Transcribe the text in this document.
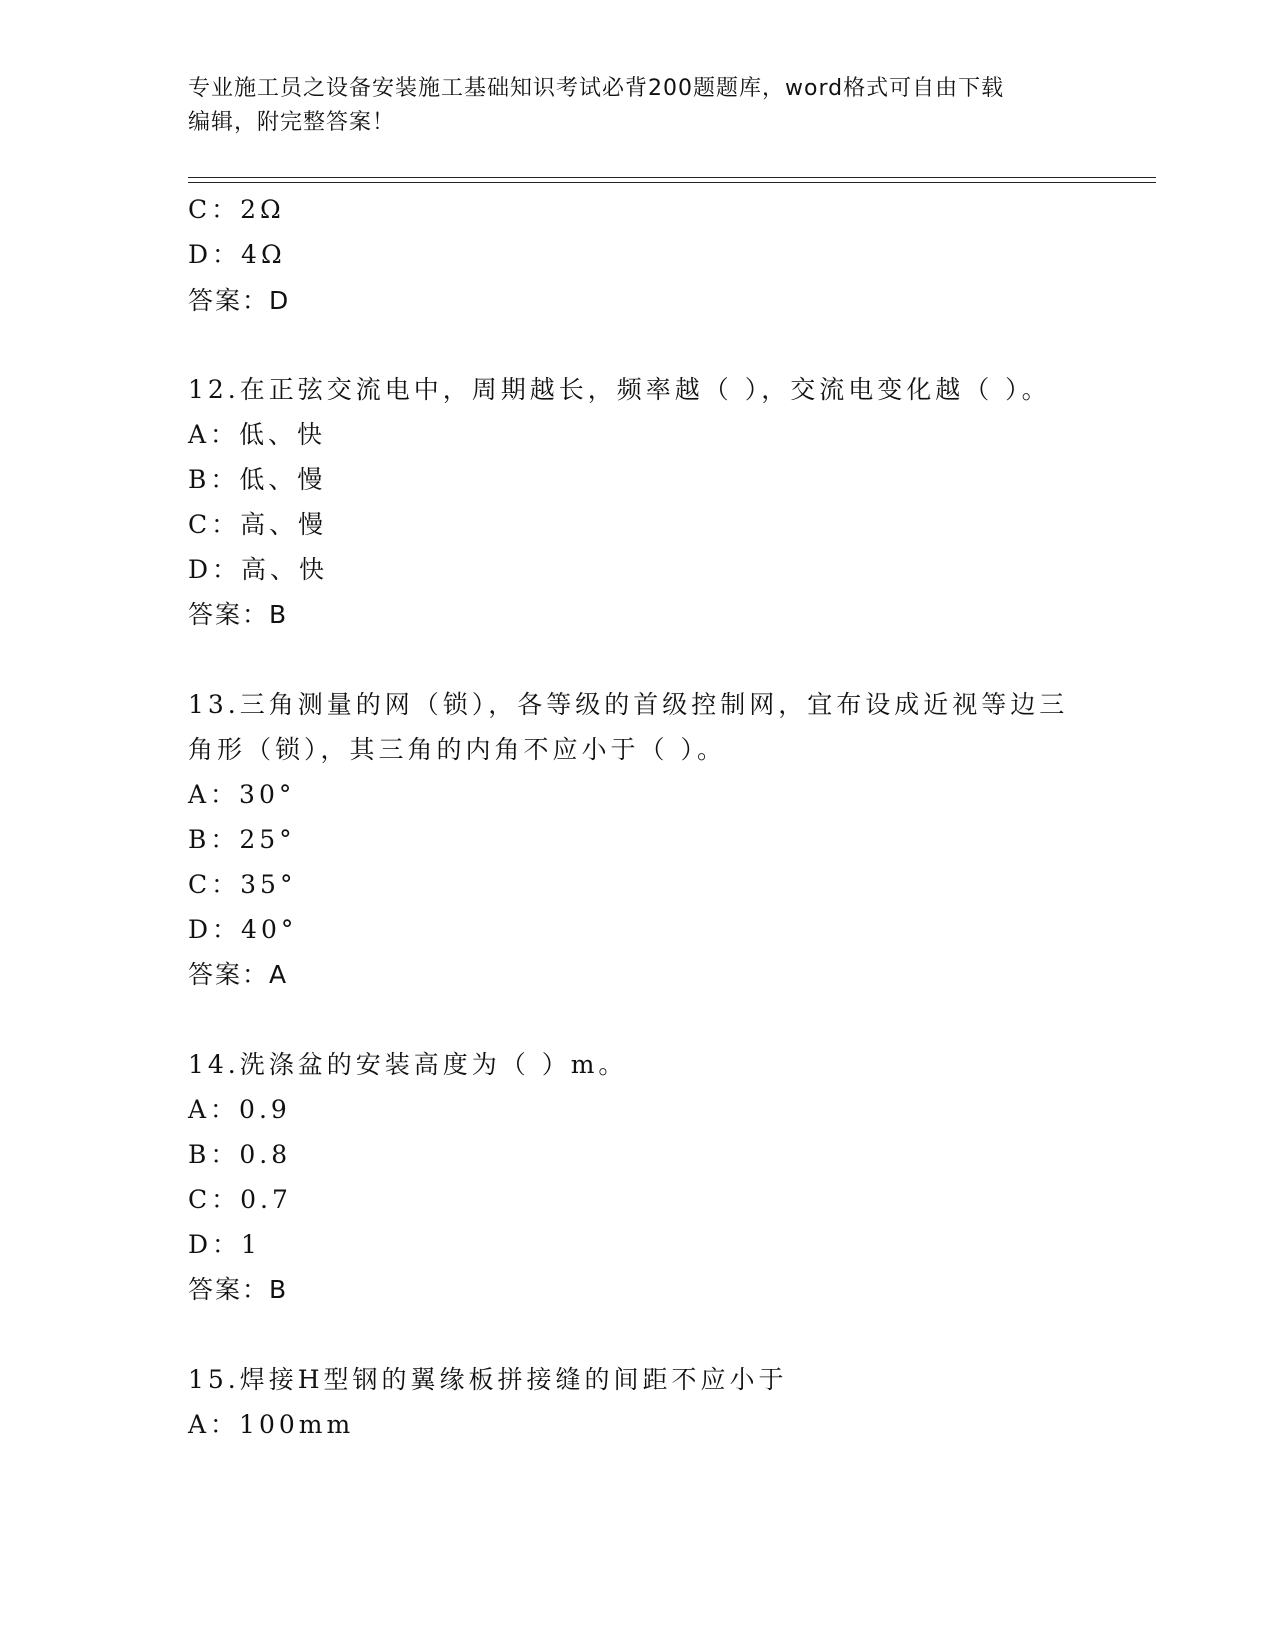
专业施工员之设备安装施工基础知识考试必背200题题库，word格式可自由下载
编辑，附完整答案！
C：2Ω
D：4Ω
答案：D
12.在正弦交流电中，周期越长，频率越（ ），交流电变化越（ ）。
A：低、快
B：低、慢
C：高、慢
D：高、快
答案：B
13.三角测量的网（锁），各等级的首级控制网，宜布设成近视等边三
角形（锁），其三角的内角不应小于（ ）。
A：30°
B：25°
C：35°
D：40°
答案：A
14.洗涤盆的安装高度为（ ）m。
A：0.9
B：0.8
C：0.7
D：1
答案：B
15.焊接H型钢的翼缘板拼接缝的间距不应小于
A：100mm
